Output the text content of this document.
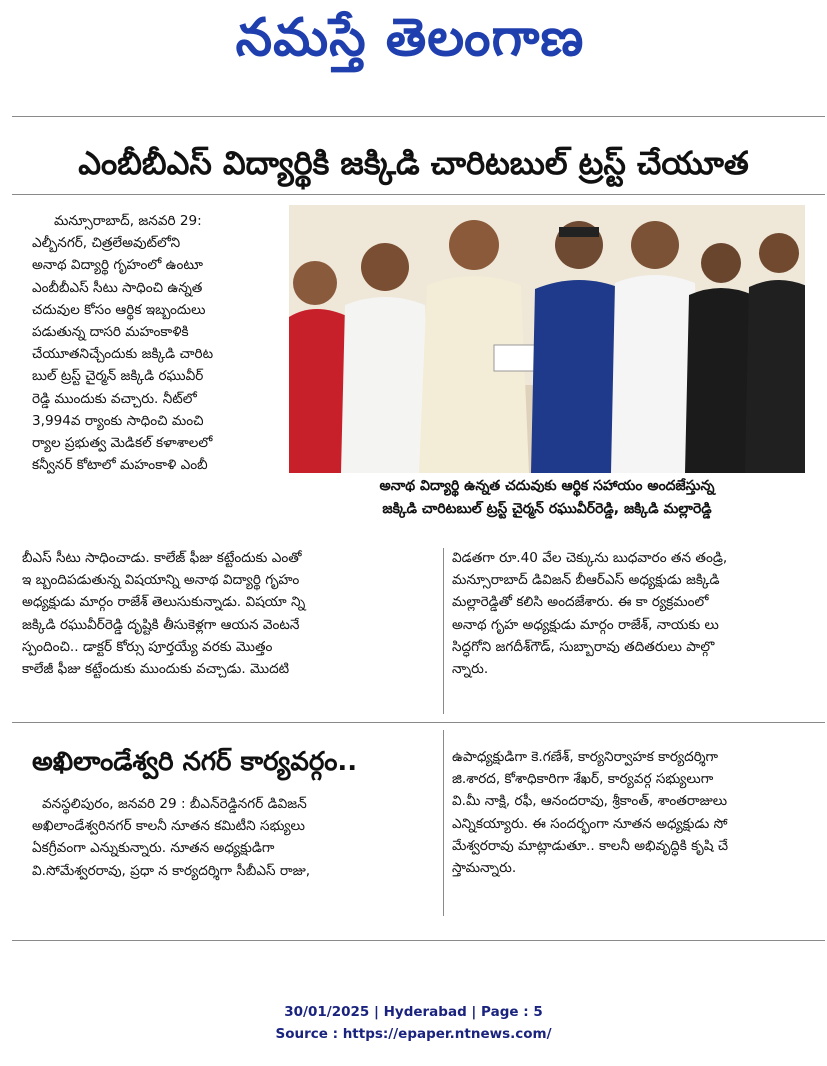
నమస్తే తెలంగాణ
ఎంబీబీఎస్ విద్యార్థికి జక్కిడి చారిటబుల్ ట్రస్ట్ చేయూత

మన్సూరాబాద్, జనవరి 29:

ఎల్బీనగర్, చిత్రలేఅవుట్‌లోని

అనాథ విద్యార్థి గృహంలో ఉంటూ

ఎంబీబీఎస్ సీటు సాధించి ఉన్నత

చదువుల కోసం ఆర్థిక ఇబ్బందులు

పడుతున్న దాసరి మహంకాళికి

చేయూతనిచ్చేందుకు జక్కిడి చారిట

బుల్ ట్రస్ట్ చైర్మన్ జక్కిడి రఘువీర్

రెడ్డి ముందుకు వచ్చారు. నీట్‌లో

3,994వ ర్యాంకు సాధించి మంచి

ర్యాల ప్రభుత్వ మెడికల్ కళాశాలలో

కన్వీనర్ కోటాలో మహంకాళి ఎంబీ

అనాథ విద్యార్థి ఉన్నత చదువుకు ఆర్థిక సహాయం అందజేస్తున్న
జక్కిడి చారిటబుల్ ట్రస్ట్ చైర్మన్ రఘువీర్‌రెడ్డి, జక్కిడి మల్లారెడ్డి

బీఎస్ సీటు సాధించాడు. కాలేజ్ ఫీజు కట్టేందుకు ఎంతో

ఇ బ్బందిపడుతున్న విషయాన్ని అనాథ విద్యార్థి గృహం

అధ్యక్షుడు మార్గం రాజేశ్ తెలుసుకున్నాడు. విషయా న్ని

జక్కిడి రఘువీర్‌రెడ్డి దృష్టికి తీసుకెళ్లగా ఆయన వెంటనే

స్పందించి.. డాక్టర్ కోర్సు పూర్తయ్యే వరకు మొత్తం

కాలేజీ ఫీజు కట్టేందుకు ముందుకు వచ్చాడు. మొదటి

విడతగా రూ.40 వేల చెక్కును బుధవారం తన తండ్రి,

మన్సూరాబాద్ డివిజన్ బీఆర్ఎస్ అధ్యక్షుడు జక్కిడి

మల్లారెడ్డితో కలిసి అందజేశారు. ఈ కా ర్యక్రమంలో

అనాథ గృహ అధ్యక్షుడు మార్గం రాజేశ్, నాయకు లు

సిద్ధగోని జగదీశ్‌గౌడ్, సుబ్బారావు తదితరులు పాల్గొ

న్నారు.

అఖిలాండేశ్వరి నగర్ కార్యవర్గం..

వనస్థలిపురం, జనవరి 29 : బీఎన్‌రెడ్డినగర్ డివిజన్

అఖిలాండేశ్వరినగర్ కాలనీ నూతన కమిటీని సభ్యులు

ఏకగ్రీవంగా ఎన్నుకున్నారు. నూతన అధ్యక్షుడిగా

వి.సోమేశ్వరరావు, ప్రధా న కార్యదర్శిగా సీబీఎస్ రాజు,

ఉపాధ్యక్షుడిగా కె.గణేశ్, కార్యనిర్వాహక కార్యదర్శిగా

జి.శారద, కోశాధికారిగా శేఖర్, కార్యవర్గ సభ్యులుగా

వి.మీ నాక్షి, రఫీ, ఆనందరావు, శ్రీకాంత్, శాంతరాజులు

ఎన్నికయ్యారు. ఈ సందర్భంగా నూతన అధ్యక్షుడు సో

మేశ్వరరావు మాట్లాడుతూ.. కాలనీ అభివృద్ధికి కృషి చే

స్తామన్నారు.

30/01/2025 | Hyderabad | Page : 5
Source : https://epaper.ntnews.com/
